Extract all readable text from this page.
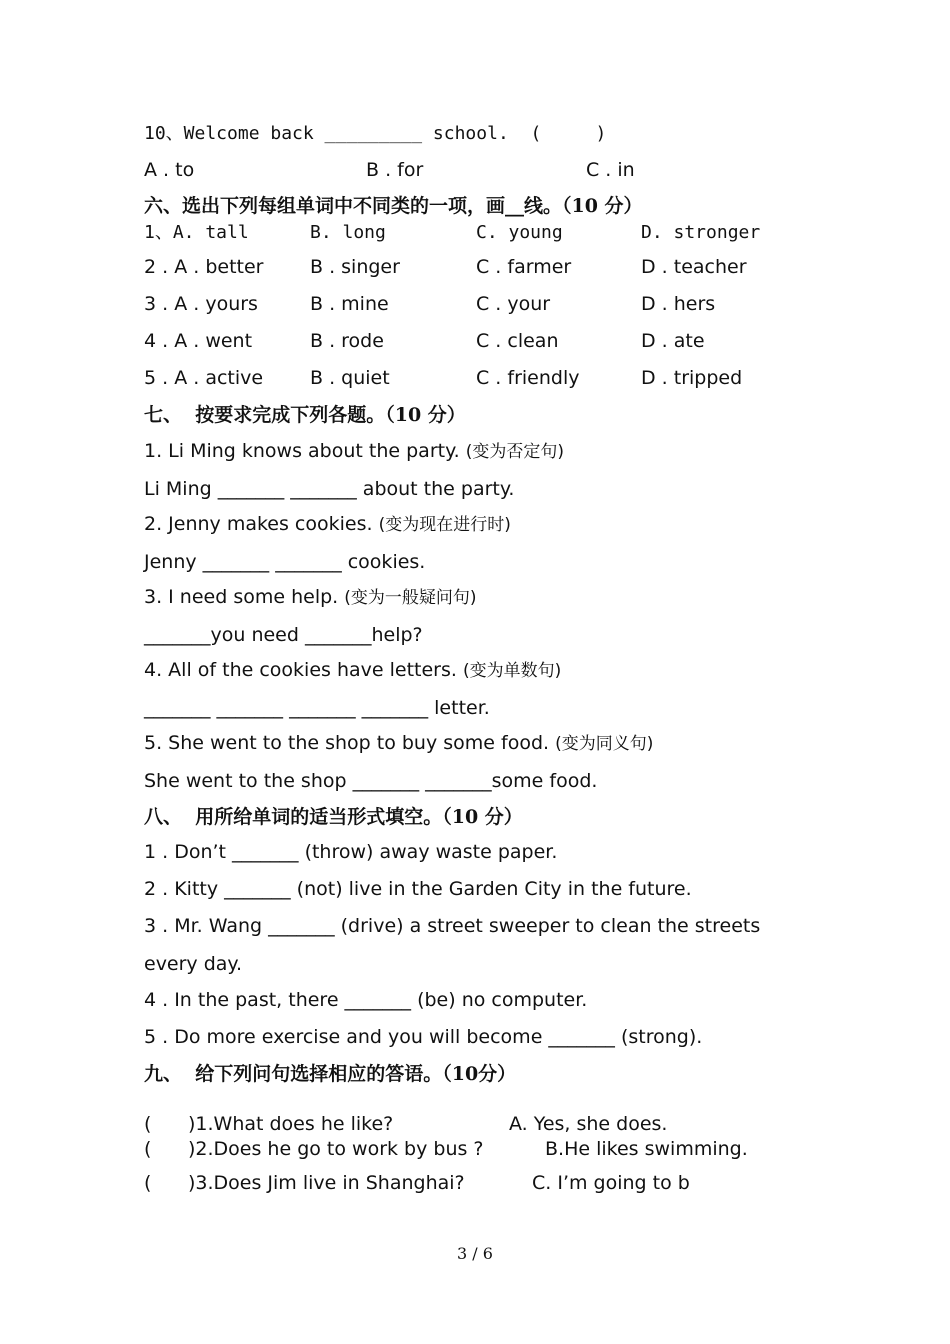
10、Welcome back _________ school.  (     )
A . to	B . for	C . in
六、选出下列每组单词中不同类的一项，画__线。（10 分）
1、A. tall	B. long	C. young	D. stronger
2 . A . better B . singer	C . farmer	D . teacher
3 . A . yours	B . mine	C . your	D . hers
4 . A . went	B . rode	C . clean	D . ate
5 . A . active B . quiet	C . friendly	D . tripped
七、  按要求完成下列各题。（10 分）
1. Li Ming knows about the party. (变为否定句)
Li Ming _______ _______ about the party.
2. Jenny makes cookies. (变为现在进行时)
Jenny _______ _______ cookies.
3. I need some help. (变为一般疑问句)
_______you need _______help?
4. All of the cookies have letters. (变为单数句)
_______ _______ _______ _______ letter.
5. She went to the shop to buy some food. (变为同义句)
She went to the shop _______ _______some food.
八、  用所给单词的适当形式填空。（10 分）
1 . Don’t _______ (throw) away waste paper.
2 . Kitty _______ (not) live in the Garden City in the future.
3 . Mr. Wang _______ (drive) a street sweeper to clean the streets
every day.
4 . In the past, there _______ (be) no computer.
5 . Do more exercise and you will become _______ (strong).
九、  给下列问句选择相应的答语。（10分）
( )1.What does he like?	A. Yes, she does.
( )2.Does he go to work by bus ?	B.He likes swimming.
( )3.Does Jim live in Shanghai?	C. I’m going to b
3 / 6
